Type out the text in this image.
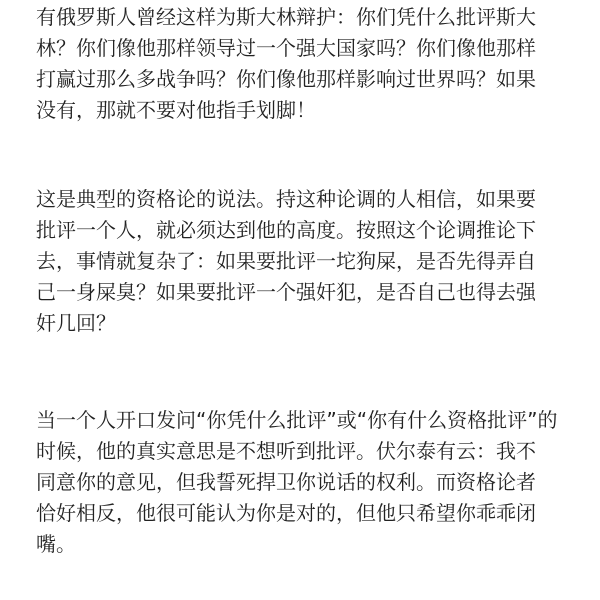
有俄罗斯人曾经这样为斯大林辩护：你们凭什么批评斯大
林？你们像他那样领导过一个强大国家吗？你们像他那样
打赢过那么多战争吗？你们像他那样影响过世界吗？如果
没有，那就不要对他指手划脚！
这是典型的资格论的说法。持这种论调的人相信，如果要
批评一个人，就必须达到他的高度。按照这个论调推论下
去，事情就复杂了：如果要批评一坨狗屎，是否先得弄自
己一身屎臭？如果要批评一个强奸犯，是否自己也得去强
奸几回？
当一个人开口发问“你凭什么批评”或“你有什么资格批评”的
时候，他的真实意思是不想听到批评。伏尔泰有云：我不
同意你的意见，但我誓死捍卫你说话的权利。而资格论者
恰好相反，他很可能认为你是对的，但他只希望你乖乖闭
嘴。
